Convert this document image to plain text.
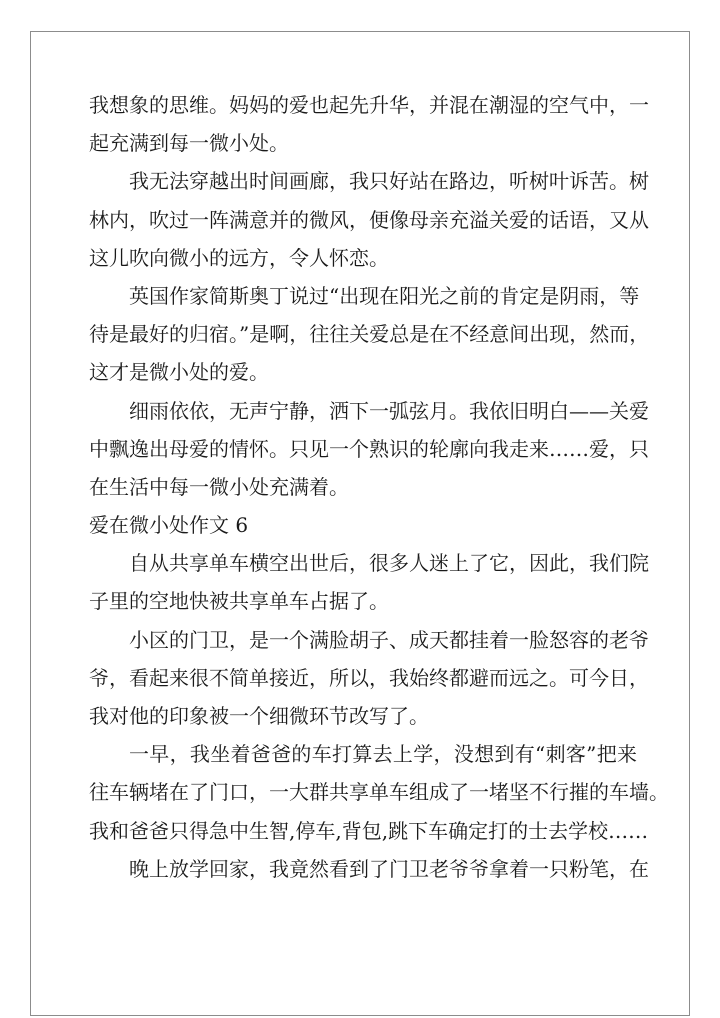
我想象的思维。妈妈的爱也起先升华，并混在潮湿的空气中，一
起充满到每一微小处。
我无法穿越出时间画廊，我只好站在路边，听树叶诉苦。树
林内，吹过一阵满意并的微风，便像母亲充溢关爱的话语，又从
这儿吹向微小的远方，令人怀恋。
英国作家简斯奥丁说过“出现在阳光之前的肯定是阴雨，等
待是最好的归宿。”是啊，往往关爱总是在不经意间出现，然而，
这才是微小处的爱。
细雨依依，无声宁静，洒下一弧弦月。我依旧明白——关爱
中飘逸出母爱的情怀。只见一个熟识的轮廓向我走来……爱，只
在生活中每一微小处充满着。
爱在微小处作文 6
自从共享单车横空出世后，很多人迷上了它，因此，我们院
子里的空地快被共享单车占据了。
小区的门卫，是一个满脸胡子、成天都挂着一脸怒容的老爷
爷，看起来很不简单接近，所以，我始终都避而远之。可今日，
我对他的印象被一个细微环节改写了。
一早，我坐着爸爸的车打算去上学，没想到有“刺客”把来
往车辆堵在了门口，一大群共享单车组成了一堵坚不行摧的车墙。
我和爸爸只得急中生智,停车,背包,跳下车确定打的士去学校……
晚上放学回家，我竟然看到了门卫老爷爷拿着一只粉笔，在
